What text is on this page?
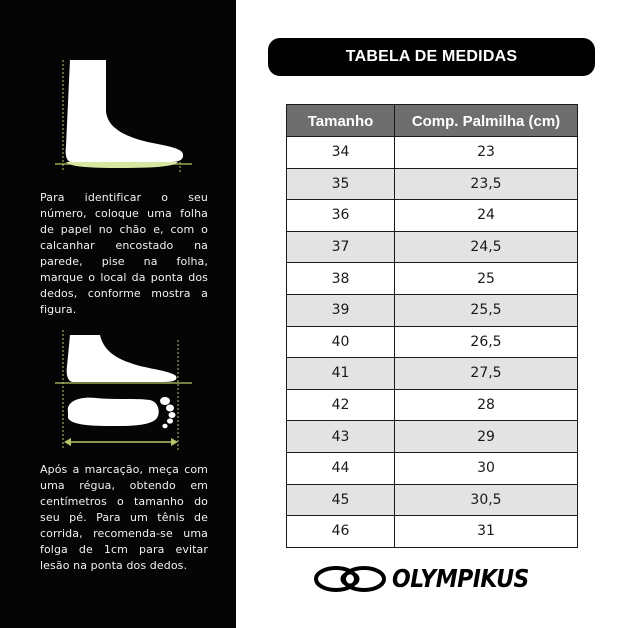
Para identificar o seu número, coloque uma folha de papel no chão e, com o calcanhar encostado na parede, pise na folha, marque o local da ponta dos dedos, conforme mostra a figura.

Após a marcação, meça com uma régua, obtendo em centímetros o tamanho do seu pé. Para um tênis de corrida, recomenda-se uma folga de 1cm para evitar lesão na ponta dos dedos.

TABELA DE MEDIDAS
Tamanho	Comp. Palmilha (cm)
34	23
35	23,5
36	24
37	24,5
38	25
39	25,5
40	26,5
41	27,5
42	28
43	29
44	30
45	30,5
46	31
OLYMPIKUS
